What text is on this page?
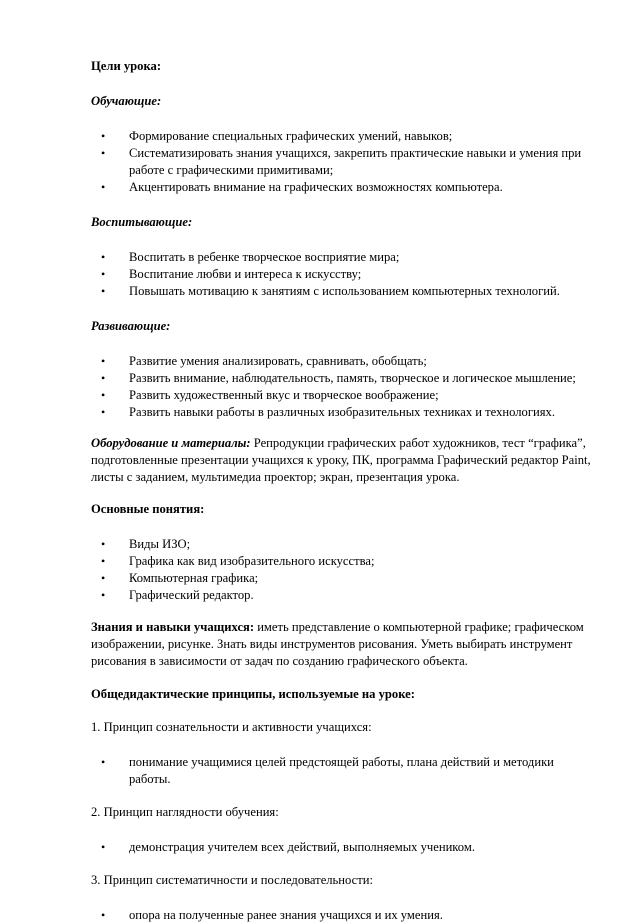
Цели урока:

Обучающие:

• Формирование специальных графических умений, навыков;
• Систематизировать знания учащихся, закрепить практические навыки и умения при работе с графическими примитивами;
• Акцентировать внимание на графических возможностях компьютера.

Воспитывающие:

• Воспитать в ребенке творческое восприятие мира;
• Воспитание любви и интереса к искусству;
• Повышать мотивацию к занятиям с использованием компьютерных технологий.

Развивающие:

• Развитие умения анализировать, сравнивать, обобщать;
• Развить внимание, наблюдательность, память, творческое и логическое мышление;
• Развить художественный вкус и творческое воображение;
• Развить навыки работы в различных изобразительных техниках и технологиях.

Оборудование и материалы: Репродукции графических работ художников, тест “графика”, подготовленные презентации учащихся к уроку, ПК, программа Графический редактор Paint, листы с заданием, мультимедиа проектор; экран, презентация урока.

Основные понятия:

• Виды ИЗО;
• Графика как вид изобразительного искусства;
• Компьютерная графика;
• Графический редактор.

Знания и навыки учащихся: иметь представление о компьютерной графике; графическом изображении, рисунке. Знать виды инструментов рисования. Уметь выбирать инструмент рисования в зависимости от задач по созданию графического объекта.

Общедидактические принципы, используемые на уроке:

1. Принцип сознательности и активности учащихся:

• понимание учащимися целей предстоящей работы, плана действий и методики работы.

2. Принцип наглядности обучения:

• демонстрация учителем всех действий, выполняемых учеником.

3. Принцип систематичности и последовательности:

• опора на полученные ранее знания учащихся и их умения.
